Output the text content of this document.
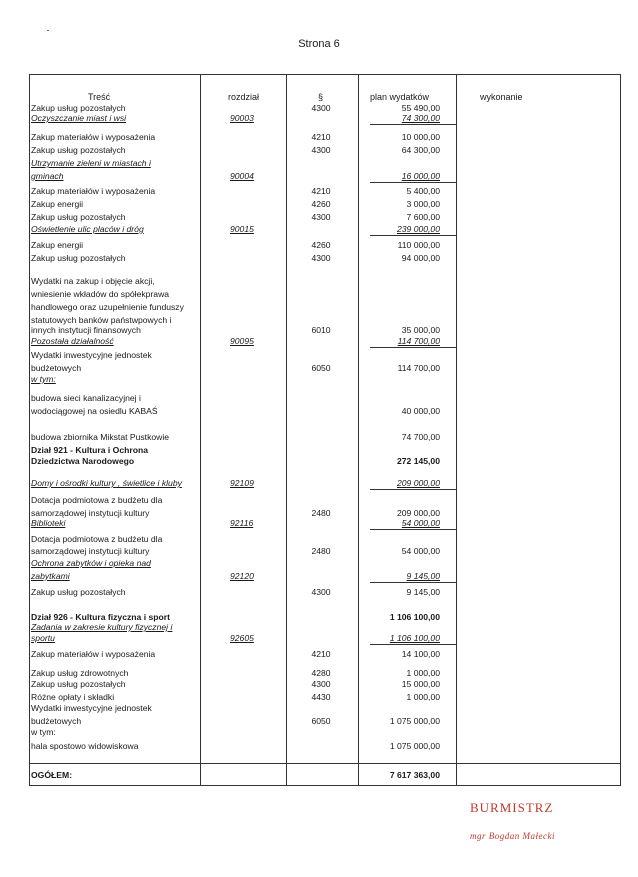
Strona 6
Treść	rozdział	§	plan wydatków	wykonanie
Zakup usług pozostałych	4300	55 490,00
Oczyszczanie miast i wsi	90003	74 300,00
Zakup materiałów i wyposażenia	4210	10 000,00
Zakup usług pozostałych	4300	64 300,00
Utrzymanie zieleni w miastach i
gminach	90004	16 000,00
Zakup materiałów i wyposażenia	4210	5 400,00
Zakup energii	4260	3 000,00
Zakup usług pozostałych	4300	7 600,00
Oświetlenie ulic placów i dróg	90015	239 000,00
Zakup energii	4260	110 000,00
Zakup usług pozostałych	4300	94 000,00
Wydatki na zakup i objęcie akcji,
wniesienie wkładów do spółekprawa
handlowego oraz uzupełnienie funduszy
statutowych banków państwpowych i
innych instytucji finansowych	6010	35 000,00
Pozostała działalność	90095	114 700,00
Wydatki inwestycyjne jednostek
budżetowych	6050	114 700,00
w tym:
budowa sieci kanalizacyjnej i
wodociągowej na osiedlu KABAŚ	40 000,00
budowa zbiornika Mikstat Pustkowie	74 700,00
Dział 921 - Kultura i Ochrona
Dziedzictwa Narodowego	272 145,00
Domy i ośrodki kultury , świetlice i kluby	92109	209 000,00
Dotacja podmiotowa z budżetu dla
samorządowej instytucji kultury	2480	209 000,00
Biblioteki	92116	54 000,00
Dotacja podmiotowa z budżetu dla
samorządowej instytucji kultury	2480	54 000,00
Ochrona zabytków i opieka nad
zabytkami	92120	9 145,00
Zakup usług pozostałych	4300	9 145,00
Dział 926 - Kultura fizyczna i sport	1 106 100,00
Zadania w zakresie kultury fizycznej i
sportu	92605	1 106 100,00
Zakup materiałów i wyposażenia	4210	14 100,00
Zakup usług zdrowotnych	4280	1 000,00
Zakup usług pozostałych	4300	15 000,00
Różne opłaty i składki	4430	1 000,00
Wydatki inwestycyjne jednostek
budżetowych	6050	1 075 000,00
w tym:
hala spostowo widowiskowa	1 075 000,00
OGÓŁEM:	7 617 363,00
BURMISTRZ
mgr Bogdan Małecki
